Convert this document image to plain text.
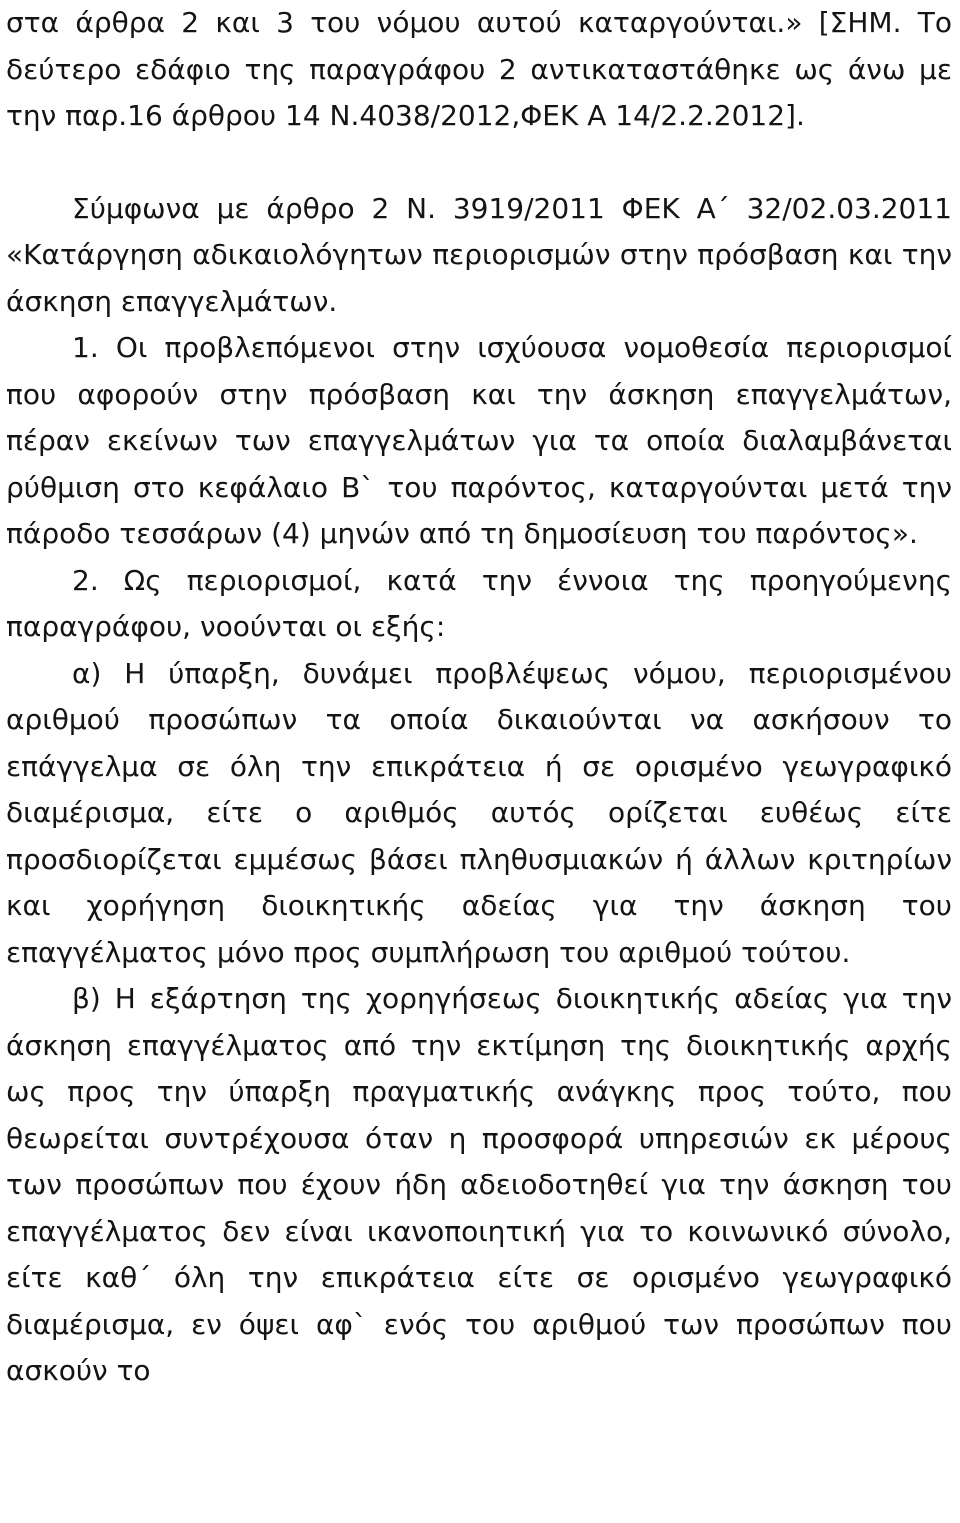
στα άρθρα 2 και 3 του νόμου αυτού καταργούνται.» [ΣΗΜ. Το δεύτερο εδάφιο της παραγράφου 2 αντικαταστάθηκε ως άνω με την παρ.16 άρθρου 14 Ν.4038/2012,ΦΕΚ Α 14/2.2.2012].

Σύμφωνα με άρθρο 2 Ν. 3919/2011 ΦΕΚ Α΄ 32/02.03.2011 «Κατάργηση αδικαιολόγητων περιορισμών στην πρόσβαση και την άσκηση επαγγελμάτων.

1. Οι προβλεπόμενοι στην ισχύουσα νομοθεσία περιορισμοί που αφορούν στην πρόσβαση και την άσκηση επαγγελμάτων, πέραν εκείνων των επαγγελμάτων για τα οποία διαλαμβάνεται ρύθμιση στο κεφάλαιο Β` του παρόντος, καταργούνται μετά την πάροδο τεσσάρων (4) μηνών από τη δημοσίευση του παρόντος».

2. Ως περιορισμοί, κατά την έννοια της προηγούμενης παραγράφου, νοούνται οι εξής:

α) Η ύπαρξη, δυνάμει προβλέψεως νόμου, περιορισμένου αριθμού προσώπων τα οποία δικαιούνται να ασκήσουν το επάγγελμα σε όλη την επικράτεια ή σε ορισμένο γεωγραφικό διαμέρισμα, είτε ο αριθμός αυτός ορίζεται ευθέως είτε προσδιορίζεται εμμέσως βάσει πληθυσμιακών ή άλλων κριτηρίων και χορήγηση διοικητικής αδείας για την άσκηση του επαγγέλματος μόνο προς συμπλήρωση του αριθμού τούτου.

β) Η εξάρτηση της χορηγήσεως διοικητικής αδείας για την άσκηση επαγγέλματος από την εκτίμηση της διοικητικής αρχής ως προς την ύπαρξη πραγματικής ανάγκης προς τούτο, που θεωρείται συντρέχουσα όταν η προσφορά υπηρεσιών εκ μέρους των προσώπων που έχουν ήδη αδειοδοτηθεί για την άσκηση του επαγγέλματος δεν είναι ικανοποιητική για το κοινωνικό σύνολο, είτε καθ΄ όλη την επικράτεια είτε σε ορισμένο γεωγραφικό διαμέρισμα, εν όψει αφ` ενός του αριθμού των προσώπων που ασκούν το
